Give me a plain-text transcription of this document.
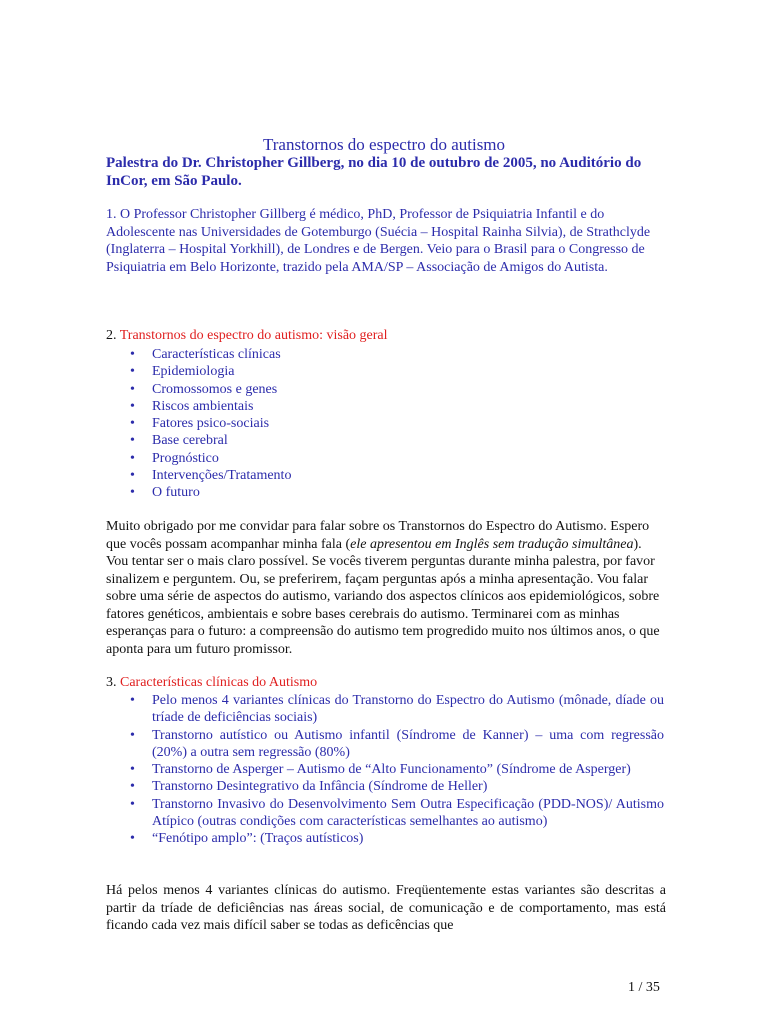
Transtornos do espectro do autismo
Palestra do Dr. Christopher Gillberg, no dia 10 de outubro de 2005, no Auditório do InCor, em São Paulo.
1. O Professor Christopher Gillberg é médico, PhD, Professor de Psiquiatria Infantil e do Adolescente nas Universidades de Gotemburgo (Suécia – Hospital Rainha Silvia), de Strathclyde (Inglaterra – Hospital Yorkhill), de Londres e de Bergen. Veio para o Brasil para o Congresso de Psiquiatria em Belo Horizonte, trazido pela AMA/SP – Associação de Amigos do Autista.
2. Transtornos do espectro do autismo: visão geral
• Características clínicas
• Epidemiologia
• Cromossomos e genes
• Riscos ambientais
• Fatores psico-sociais
• Base cerebral
• Prognóstico
• Intervenções/Tratamento
• O futuro
Muito obrigado por me convidar para falar sobre os Transtornos do Espectro do Autismo. Espero que vocês possam acompanhar minha fala (ele apresentou em Inglês sem tradução simultânea). Vou tentar ser o mais claro possível. Se vocês tiverem perguntas durante minha palestra, por favor sinalizem e perguntem. Ou, se preferirem, façam perguntas após a minha apresentação. Vou falar sobre uma série de aspectos do autismo, variando dos aspectos clínicos aos epidemiológicos, sobre fatores genéticos, ambientais e sobre bases cerebrais do autismo. Terminarei com as minhas esperanças para o futuro: a compreensão do autismo tem progredido muito nos últimos anos, o que aponta para um futuro promissor.
3. Características clínicas do Autismo
• Pelo menos 4 variantes clínicas do Transtorno do Espectro do Autismo (mônade, díade ou tríade de deficiências sociais)
• Transtorno autístico ou Autismo infantil (Síndrome de Kanner) – uma com regressão (20%) a outra sem regressão (80%)
• Transtorno de Asperger – Autismo de “Alto Funcionamento” (Síndrome de Asperger)
• Transtorno Desintegrativo da Infância (Síndrome de Heller)
• Transtorno Invasivo do Desenvolvimento Sem Outra Especificação (PDD-NOS)/ Autismo Atípico (outras condições com características semelhantes ao autismo)
• “Fenótipo amplo”: (Traços autísticos)
Há pelos menos 4 variantes clínicas do autismo. Freqüentemente estas variantes são descritas a partir da tríade de deficiências nas áreas social, de comunicação e de comportamento, mas está ficando cada vez mais difícil saber se todas as deficências que
1 / 35
